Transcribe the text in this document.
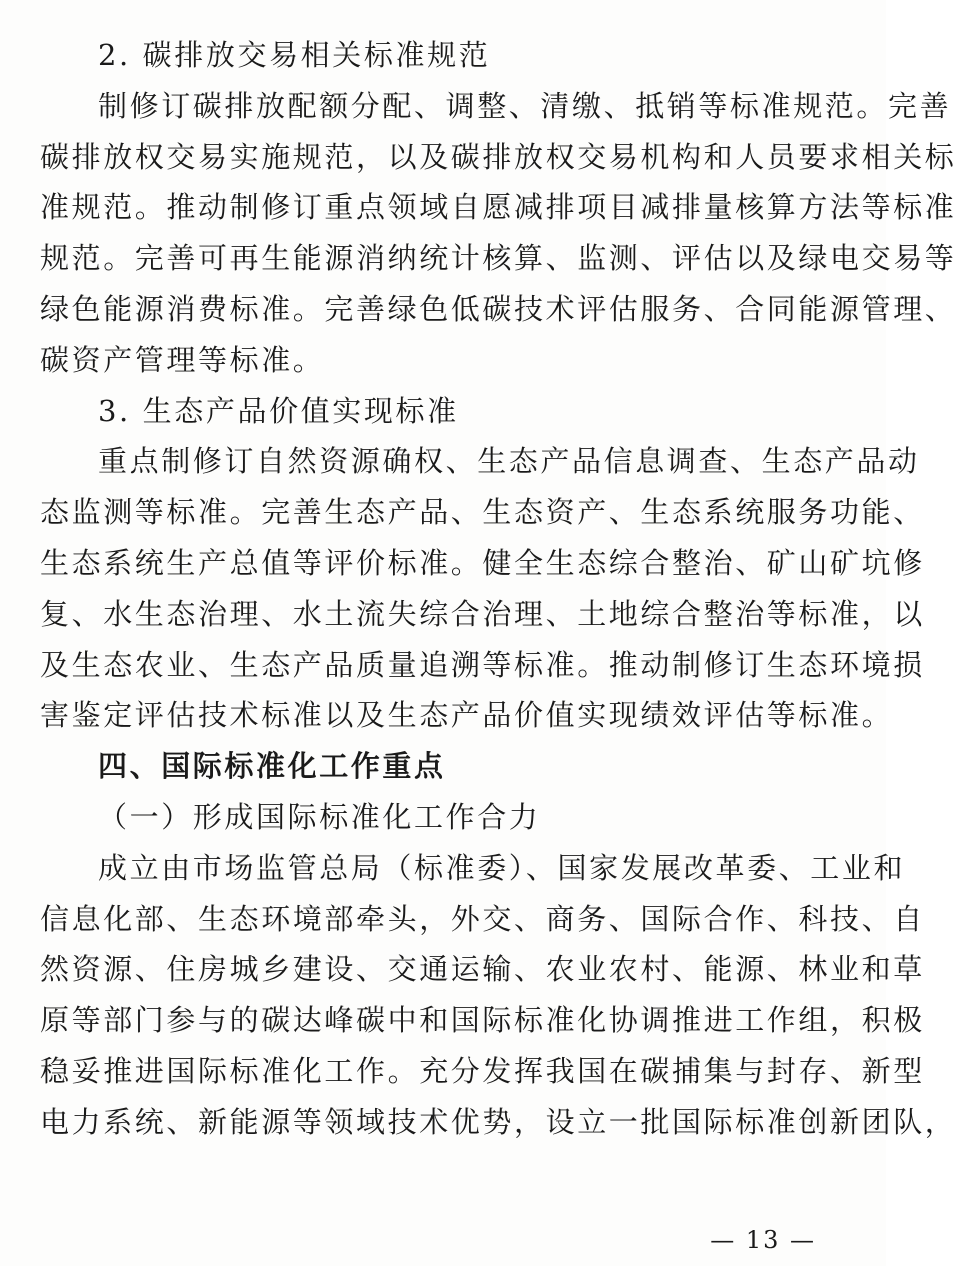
2. 碳排放交易相关标准规范
制修订碳排放配额分配、调整、清缴、抵销等标准规范。完善
碳排放权交易实施规范，以及碳排放权交易机构和人员要求相关标
准规范。推动制修订重点领域自愿减排项目减排量核算方法等标准
规范。完善可再生能源消纳统计核算、监测、评估以及绿电交易等
绿色能源消费标准。完善绿色低碳技术评估服务、合同能源管理、
碳资产管理等标准。
3. 生态产品价值实现标准
重点制修订自然资源确权、生态产品信息调查、生态产品动
态监测等标准。完善生态产品、生态资产、生态系统服务功能、
生态系统生产总值等评价标准。健全生态综合整治、矿山矿坑修
复、水生态治理、水土流失综合治理、土地综合整治等标准，以
及生态农业、生态产品质量追溯等标准。推动制修订生态环境损
害鉴定评估技术标准以及生态产品价值实现绩效评估等标准。
四、国际标准化工作重点
（一）形成国际标准化工作合力
成立由市场监管总局（标准委）、国家发展改革委、工业和
信息化部、生态环境部牵头，外交、商务、国际合作、科技、自
然资源、住房城乡建设、交通运输、农业农村、能源、林业和草
原等部门参与的碳达峰碳中和国际标准化协调推进工作组，积极
稳妥推进国际标准化工作。充分发挥我国在碳捕集与封存、新型
电力系统、新能源等领域技术优势，设立一批国际标准创新团队，
— 13 —
